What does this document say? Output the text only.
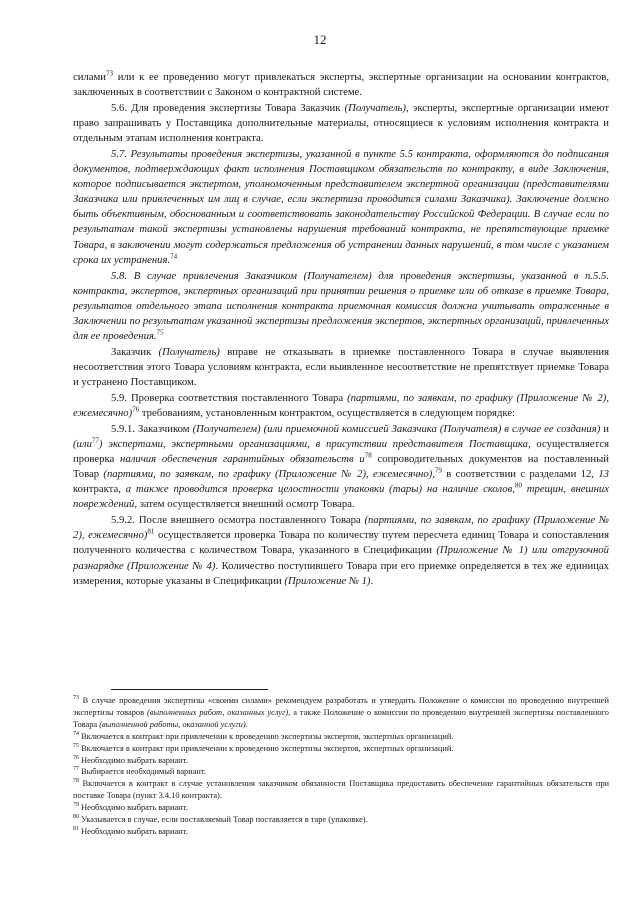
12

силами$^{73}$ или к ее проведению могут привлекаться эксперты, экспертные организации на основании контрактов, заключенных в соответствии с Законом о контрактной системе.

5.6. Для проведения экспертизы Товара Заказчик (Получатель), эксперты, экспертные организации имеют право запрашивать у Поставщика дополнительные материалы, относящиеся к условиям исполнения контракта и отдельным этапам исполнения контракта.

5.7. Результаты проведения экспертизы, указанной в пункте 5.5 контракта, оформляются до подписания документов, подтверждающих факт исполнения Поставщиком обязательств по контракту, в виде Заключения, которое подписывается экспертом, уполномоченным представителем экспертной организации (представителями Заказчика или привлеченных им лиц в случае, если экспертиза проводится силами Заказчика). Заключение должно быть объективным, обоснованным и соответствовать законодательству Российской Федерации. В случае если по результатам такой экспертизы установлены нарушения требований контракта, не препятствующие приемке Товара, в заключении могут содержаться предложения об устранении данных нарушений, в том числе с указанием срока их устранения.$^{74}$

5.8. В случае привлечения Заказчиком (Получателем) для проведения экспертизы, указанной в п.5.5. контракта, экспертов, экспертных организаций при принятии решения о приемке или об отказе в приемке Товара, результатов отдельного этапа исполнения контракта приемочная комиссия должна учитывать отраженные в Заключении по результатам указанной экспертизы предложения экспертов, экспертных организаций, привлеченных для ее проведения.$^{75}$

Заказчик (Получатель) вправе не отказывать в приемке поставленного Товара в случае выявления несоответствия этого Товара условиям контракта, если выявленное несоответствие не препятствует приемке Товара и устранено Поставщиком.

5.9. Проверка соответствия поставленного Товара (партиями, по заявкам, по графику (Приложение № 2), ежемесячно)$^{76}$ требованиям, установленным контрактом, осуществляется в следующем порядке:

5.9.1. Заказчиком (Получателем) (или приемочной комиссией Заказчика (Получателя) в случае ее создания) и (или$^{77}$) экспертами, экспертными организациями, в присутствии представителя Поставщика, осуществляется проверка наличия обеспечения гарантийных обязательств $и^{78}$ сопроводительных документов на поставленный Товар (партиями, по заявкам, по графику (Приложение № 2), ежемесячно),$^{79}$ в соответствии с разделами 12, 13 контракта, а также проводится проверка целостности упаковки (тары) на наличие сколов,$^{80}$ трещин, внешних повреждений, затем осуществляется внешний осмотр Товара.

5.9.2. После внешнего осмотра поставленного Товара (партиями, по заявкам, по графику (Приложение № 2), ежемесячно)$^{81}$ осуществляется проверка Товара по количеству путем пересчета единиц Товара и сопоставления полученного количества с количеством Товара, указанного в Спецификации (Приложение № 1) или отгрузочной разнарядке (Приложение № 4). Количество поступившего Товара при его приемке определяется в тех же единицах измерения, которые указаны в Спецификации (Приложение № 1).

$^{73}$ В случае проведения экспертизы «своими силами» рекомендуем разработать и утвердить Положение о комиссии по проведению внутренней экспертизы товаров (выполненных работ, оказанных услуг), а также Положение о комиссии по проведению внутренней экспертизы поставленного Товара (выполненной работы, оказанной услуги).

$^{74}$ Включается в контракт при привлечении к проведению экспертизы экспертов, экспертных организаций.

$^{75}$ Включается в контракт при привлечении к проведению экспертизы экспертов, экспертных организаций.

$^{76}$ Необходимо выбрать вариант.

$^{77}$ Выбирается необходимый вариант.

$^{78}$ Включается в контракт в случае установления заказчиком обязанности Поставщика предоставить обеспечение гарантийных обязательств при поставке Товара (пункт 3.4.10 контракта).

$^{79}$ Необходимо выбрать вариант.

$^{80}$ Указывается в случае, если поставляемый Товар поставляется в таре (упаковке).

$^{81}$ Необходимо выбрать вариант.
